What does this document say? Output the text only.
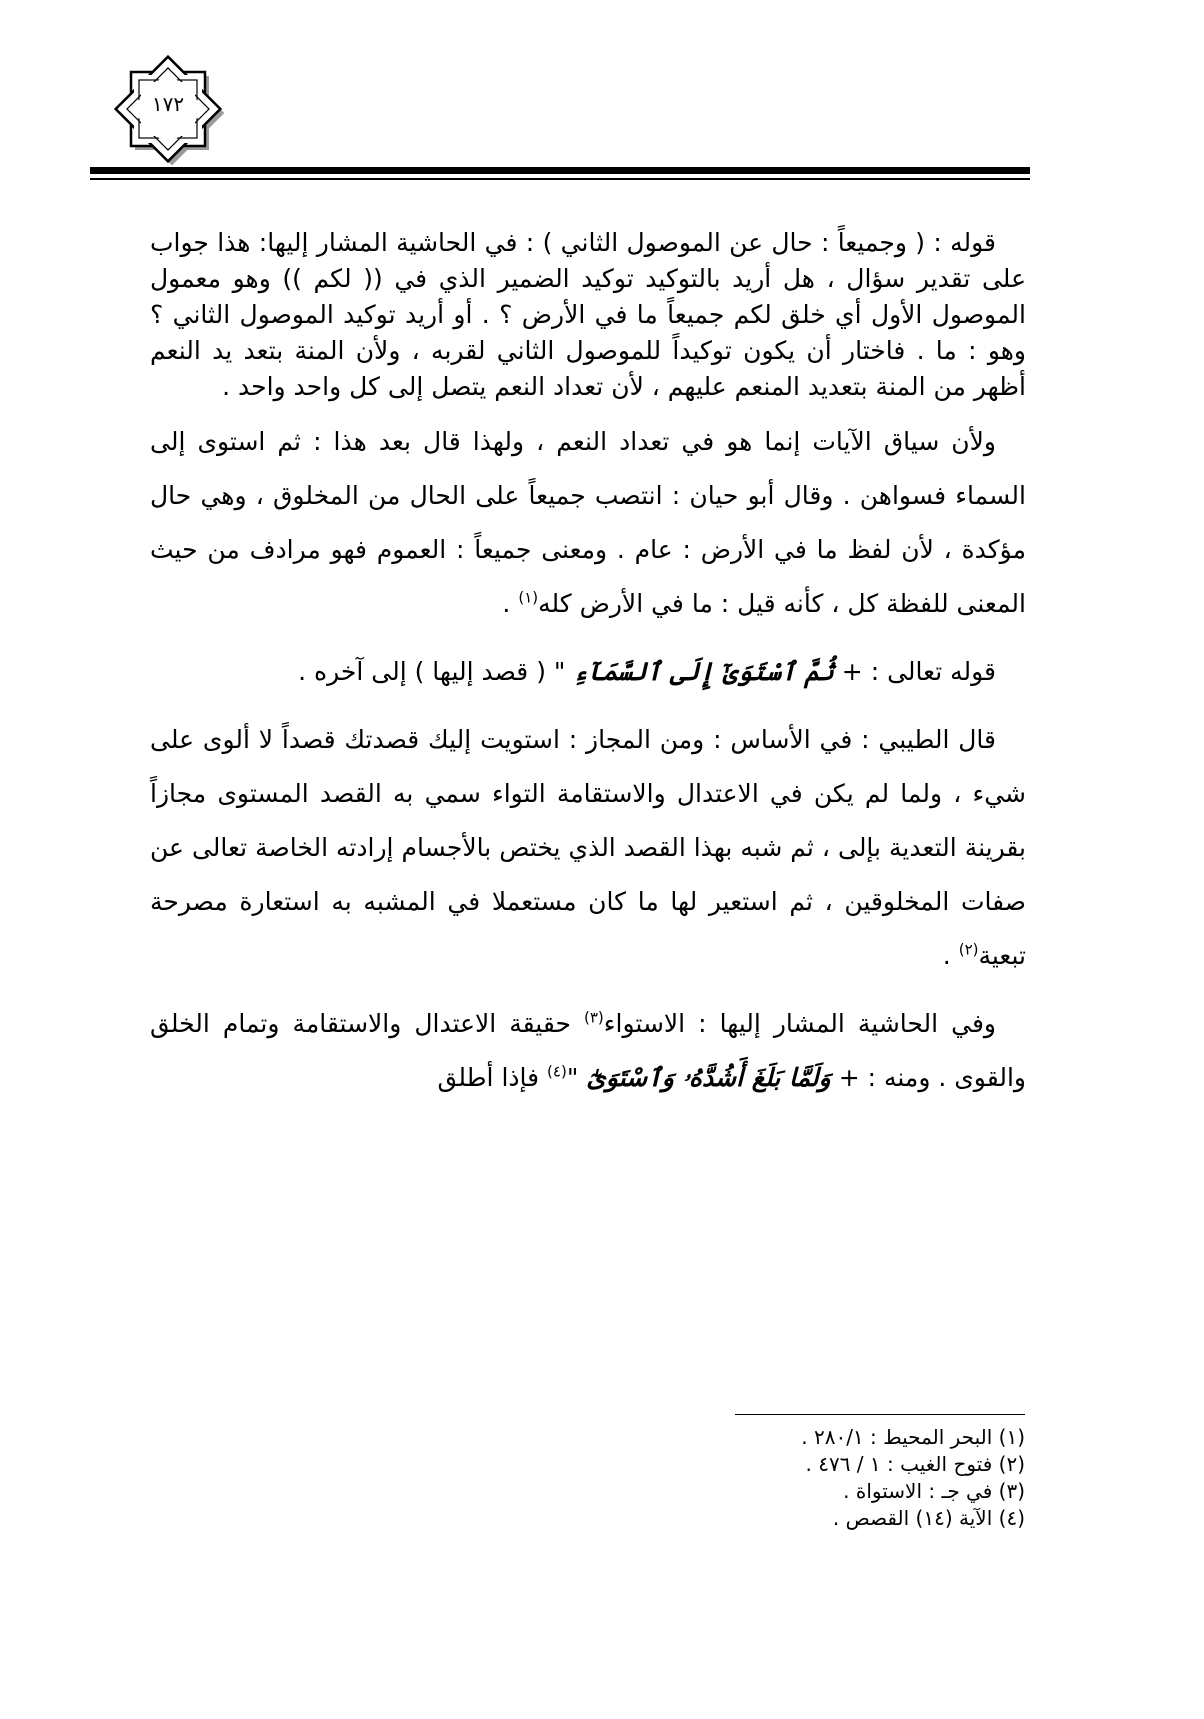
١٧٢

قوله : ( وجميعاً : حال عن الموصول الثاني ) : في الحاشية المشار إليها: هذا جواب على تقدير سؤال ، هل أريد بالتوكيد توكيد الضمير الذي في (( لكم )) وهو معمول الموصول الأول أي خلق لكم جميعاً ما في الأرض ؟ . أو أريد توكيد الموصول الثاني ؟ وهو : ما . فاختار أن يكون توكيداً للموصول الثاني لقربه ، ولأن المنة بتعد يد النعم أظهر من المنة بتعديد المنعم عليهم ، لأن تعداد النعم يتصل إلى كل واحد واحد .

ولأن سياق الآيات إنما هو في تعداد النعم ، ولهذا قال بعد هذا : ثم استوى إلى السماء فسواهن . وقال أبو حيان : انتصب جميعاً على الحال من المخلوق ، وهي حال مؤكدة ، لأن لفظ ما في الأرض : عام . ومعنى جميعاً : العموم فهو مرادف من حيث المعنى للفظة كل ، كأنه قيل : ما في الأرض كله$^{(١)}$ .

قوله تعالى : + ثُمَّ ٱسْتَوَىٰٓ إِلَى ٱلسَّمَآءِ " ( قصد إليها ) إلى آخره .

قال الطيبي : في الأساس : ومن المجاز : استويت إليك قصدتك قصداً لا ألوى على شيء ، ولما لم يكن في الاعتدال والاستقامة التواء سمي به القصد المستوى مجازاً بقرينة التعدية بإلى ، ثم شبه بهذا القصد الذي يختص بالأجسام إرادته الخاصة تعالى عن صفات المخلوقين ، ثم استعير لها ما كان مستعملا في المشبه به استعارة مصرحة تبعية$^{(٢)}$ .

وفي الحاشية المشار إليها : الاستواء$^{(٣)}$ حقيقة الاعتدال والاستقامة وتمام الخلق والقوى . ومنه : + وَلَمَّا بَلَغَ أَشُدَّهُۥ وَٱسْتَوَىٰٓ "$^{(٤)}$ فإذا أطلق

(١) البحر المحيط : ٢٨٠/١ .

(٢) فتوح الغيب : ١ / ٤٧٦ .

(٣) في جـ : الاستواة .

(٤) الآية (١٤) القصص .
